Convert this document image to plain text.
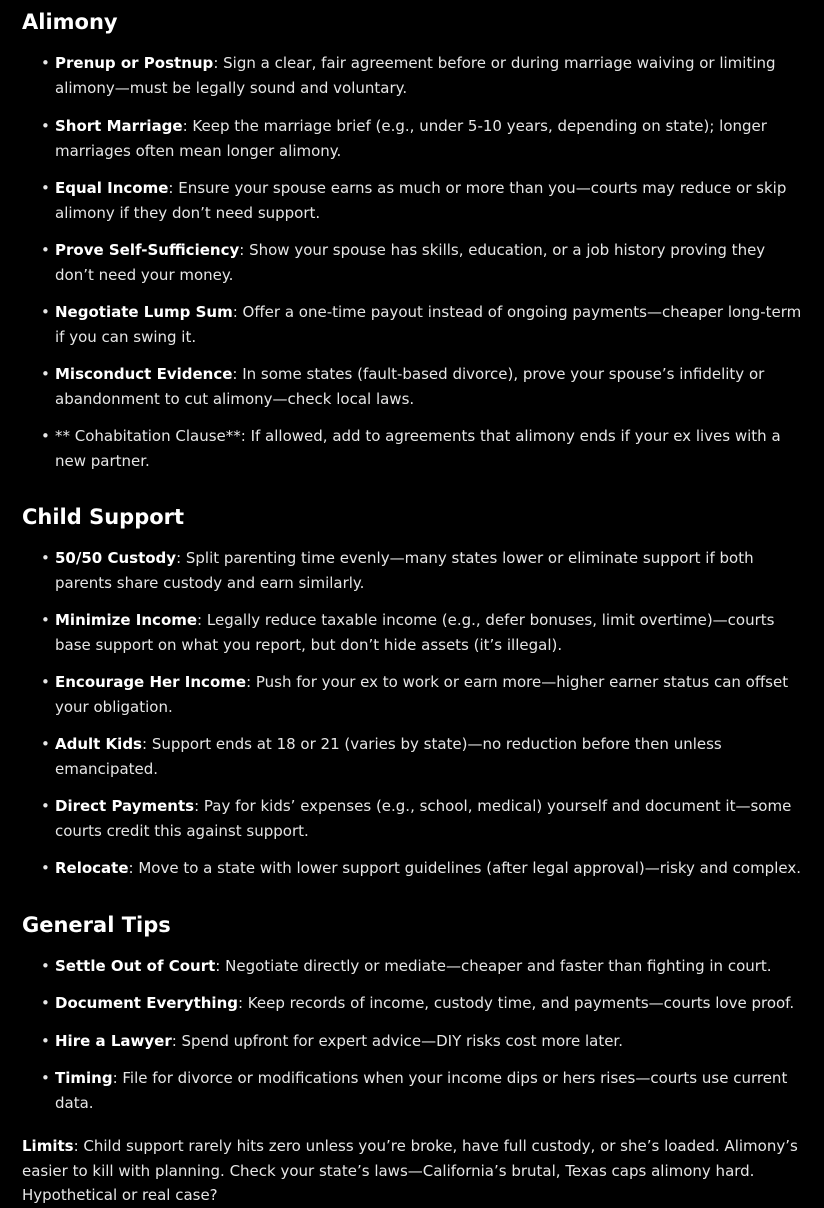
Alimony
• Prenup or Postnup: Sign a clear, fair agreement before or during marriage waiving or limiting alimony—must be legally sound and voluntary.
• Short Marriage: Keep the marriage brief (e.g., under 5-10 years, depending on state); longer marriages often mean longer alimony.
• Equal Income: Ensure your spouse earns as much or more than you—courts may reduce or skip alimony if they don’t need support.
• Prove Self-Sufficiency: Show your spouse has skills, education, or a job history proving they don’t need your money.
• Negotiate Lump Sum: Offer a one-time payout instead of ongoing payments—cheaper long-term if you can swing it.
• Misconduct Evidence: In some states (fault-based divorce), prove your spouse’s infidelity or abandonment to cut alimony—check local laws.
• ** Cohabitation Clause**: If allowed, add to agreements that alimony ends if your ex lives with a new partner.
Child Support
• 50/50 Custody: Split parenting time evenly—many states lower or eliminate support if both parents share custody and earn similarly.
• Minimize Income: Legally reduce taxable income (e.g., defer bonuses, limit overtime)—courts base support on what you report, but don’t hide assets (it’s illegal).
• Encourage Her Income: Push for your ex to work or earn more—higher earner status can offset your obligation.
• Adult Kids: Support ends at 18 or 21 (varies by state)—no reduction before then unless emancipated.
• Direct Payments: Pay for kids’ expenses (e.g., school, medical) yourself and document it—some courts credit this against support.
• Relocate: Move to a state with lower support guidelines (after legal approval)—risky and complex.
General Tips
• Settle Out of Court: Negotiate directly or mediate—cheaper and faster than fighting in court.
• Document Everything: Keep records of income, custody time, and payments—courts love proof.
• Hire a Lawyer: Spend upfront for expert advice—DIY risks cost more later.
• Timing: File for divorce or modifications when your income dips or hers rises—courts use current data.

Limits: Child support rarely hits zero unless you’re broke, have full custody, or she’s loaded. Alimony’s easier to kill with planning. Check your state’s laws—California’s brutal, Texas caps alimony hard. Hypothetical or real case?
